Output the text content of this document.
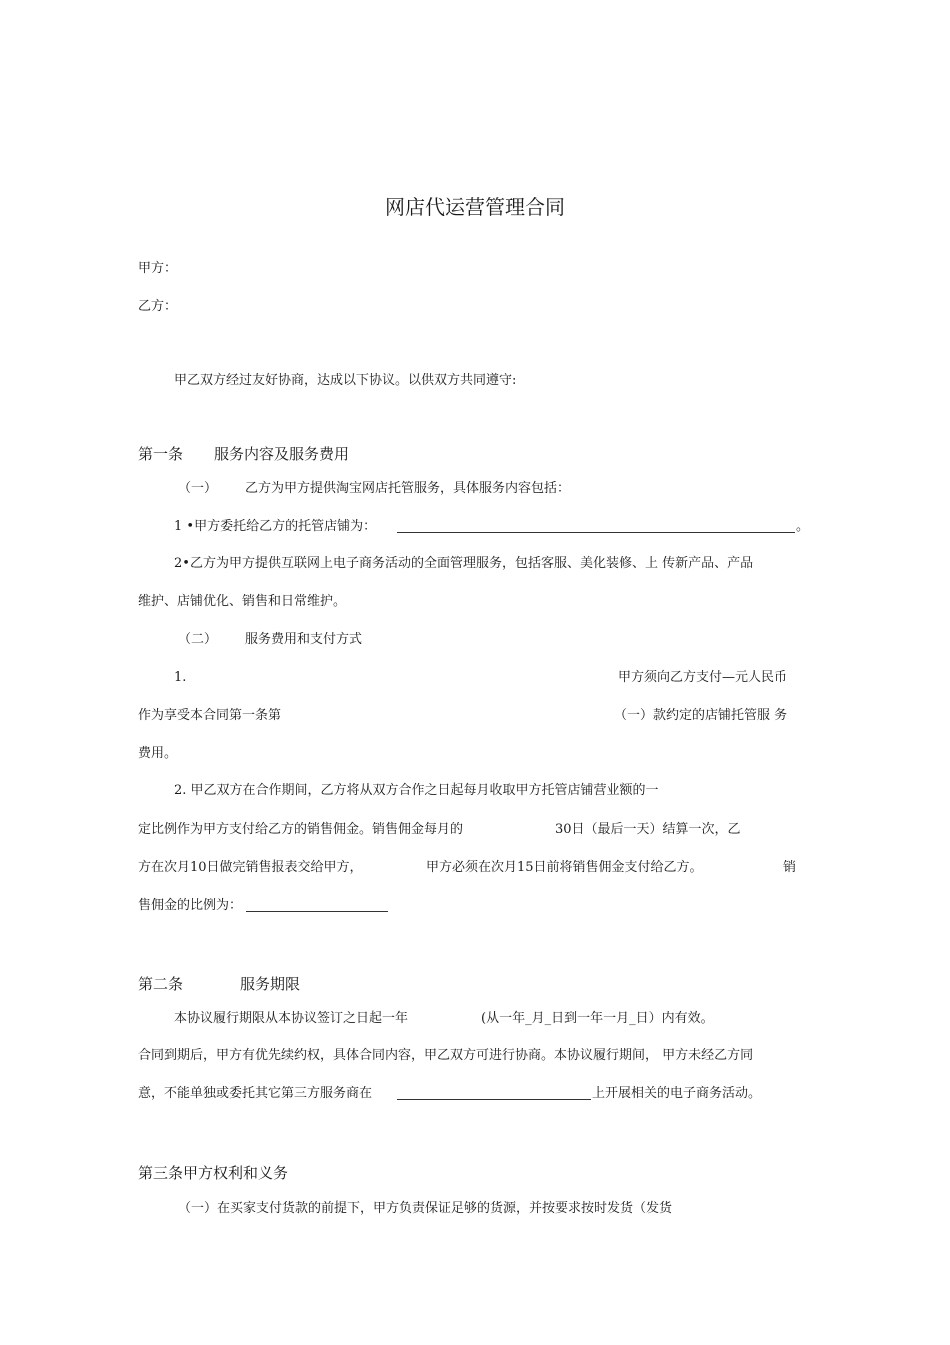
网店代运营管理合同
甲方：
乙方：
甲乙双方经过友好协商，达成以下协议。以供双方共同遵守:
第一条 服务内容及服务费用
（一） 乙方为甲方提供淘宝网店托管服务，具体服务内容包括：
1 •甲方委托给乙方的托管店铺为：	。
2•乙方为甲方提供互联网上电子商务活动的全面管理服务，包括客服、美化装修、上 传新产品、产品
维护、店铺优化、销售和日常维护。
（二） 服务费用和支付方式
1.	甲方须向乙方支付—元人民币
作为享受本合同第一条第	（一）款约定的店铺托管服 务
费用。
2. 甲乙双方在合作期间，乙方将从双方合作之日起每月收取甲方托管店铺营业额的一
定比例作为甲方支付给乙方的销售佣金。销售佣金每月的	30日（最后一天）结算一次，乙
方在次月10日做完销售报表交给甲方，	甲方必须在次月15日前将销售佣金支付给乙方。	销
售佣金的比例为：
第二条	服务期限
本协议履行期限从本协议签订之日起一年	(从一年_月_日到一年一月_日）内有效。
合同到期后，甲方有优先续约权，具体合同内容，甲乙双方可进行协商。本协议履行期间， 甲方未经乙方同
意，不能单独或委托其它第三方服务商在	上开展相关的电子商务活动。
第三条甲方权利和义务
（一）在买家支付货款的前提下，甲方负责保证足够的货源，并按要求按时发货（发货
